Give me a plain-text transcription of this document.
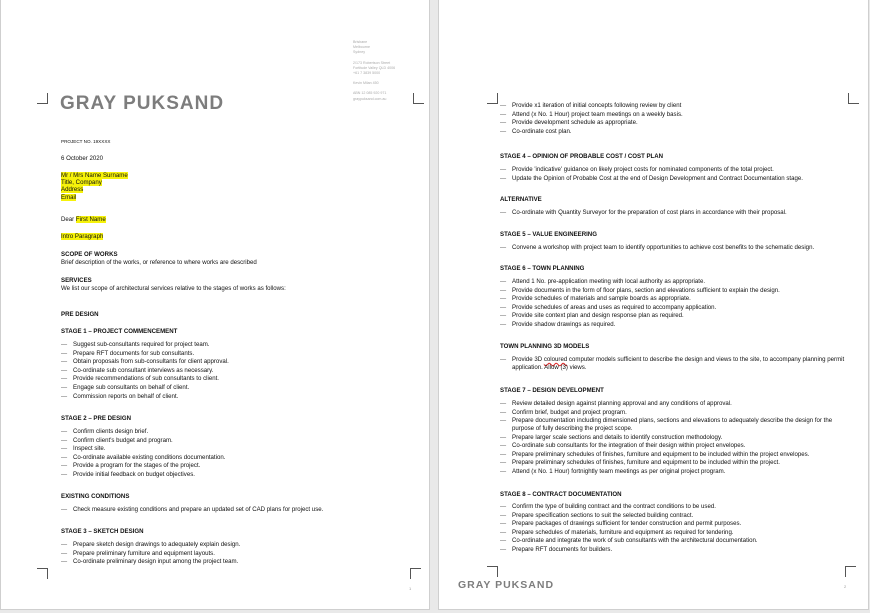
Brisbane
Melbourne
Sydney
2/173 Robertson Street
Fortitude Valley QLD 4006
+61 7 3839 5000
Kevin Milan 450
ABN 12 085 920 971
graypuksand.com.au
GRAY PUKSAND
PROJECT NO. 19XXXX
6 October 2020
Mr / Mrs Name Surname
Title, Company
Address
Email
Dear First Name
Intro Paragraph
SCOPE OF WORKS
Brief description of the works, or reference to where works are described
SERVICES
We list our scope of architectural services relative to the stages of works as follows:
PRE DESIGN
STAGE 1 – PROJECT COMMENCEMENT
— Suggest sub-consultants required for project team.
— Prepare RFT documents for sub consultants.
— Obtain proposals from sub-consultants for client approval.
— Co-ordinate sub consultant interviews as necessary.
— Provide recommendations of sub consultants to client.
— Engage sub consultants on behalf of client.
— Commission reports on behalf of client.
STAGE 2 – PRE DESIGN
— Confirm clients design brief.
— Confirm client's budget and program.
— Inspect site.
— Co-ordinate available existing conditions documentation.
— Provide a program for the stages of the project.
— Provide initial feedback on budget objectives.
EXISTING CONDITIONS
— Check measure existing conditions and prepare an updated set of CAD plans for project use.
STAGE 3 – SKETCH DESIGN
— Prepare sketch design drawings to adequately explain design.
— Prepare preliminary furniture and equipment layouts.
— Co-ordinate preliminary design input among the project team.
1
— Provide x1 iteration of initial concepts following review by client
— Attend (x No. 1 Hour) project team meetings on a weekly basis.
— Provide development schedule as appropriate.
— Co-ordinate cost plan.
STAGE 4 – OPINION OF PROBABLE COST / COST PLAN
— Provide 'indicative' guidance on likely project costs for nominated components of the total project.
— Update the Opinion of Probable Cost at the end of Design Development and Contract Documentation stage.
ALTERNATIVE
— Co-ordinate with Quantity Surveyor for the preparation of cost plans in accordance with their proposal.
STAGE 5 – VALUE ENGINEERING
— Convene a workshop with project team to identify opportunities to achieve cost benefits to the schematic design.
STAGE 6 – TOWN PLANNING
— Attend 1 No. pre-application meeting with local authority as appropriate.
— Provide documents in the form of floor plans, section and elevations sufficient to explain the design.
— Provide schedules of materials and sample boards as appropriate.
— Provide schedules of areas and uses as required to accompany application.
— Provide site context plan and design response plan as required.
— Provide shadow drawings as required.
TOWN PLANNING 3D MODELS
— Provide 3D coloured computer models sufficient to describe the design and views to the site, to accompany planning permit application. Allow (3) views.
STAGE 7 – DESIGN DEVELOPMENT
— Review detailed design against planning approval and any conditions of approval.
— Confirm brief, budget and project program.
— Prepare documentation including dimensioned plans, sections and elevations to adequately describe the design for the purpose of fully describing the project scope.
— Prepare larger scale sections and details to identify construction methodology.
— Co-ordinate sub consultants for the integration of their design within project envelopes.
— Prepare preliminary schedules of finishes, furniture and equipment to be included within the project envelopes.
— Prepare preliminary schedules of finishes, furniture and equipment to be included within the project.
— Attend (x No. 1 Hour) fortnightly team meetings as per original project program.
STAGE 8 – CONTRACT DOCUMENTATION
— Confirm the type of building contract and the contract conditions to be used.
— Prepare specification sections to suit the selected building contract.
— Prepare packages of drawings sufficient for tender construction and permit purposes.
— Prepare schedules of materials, furniture and equipment as required for tendering.
— Co-ordinate and integrate the work of sub consultants with the architectural documentation.
— Prepare RFT documents for builders.
GRAY PUKSAND	2
